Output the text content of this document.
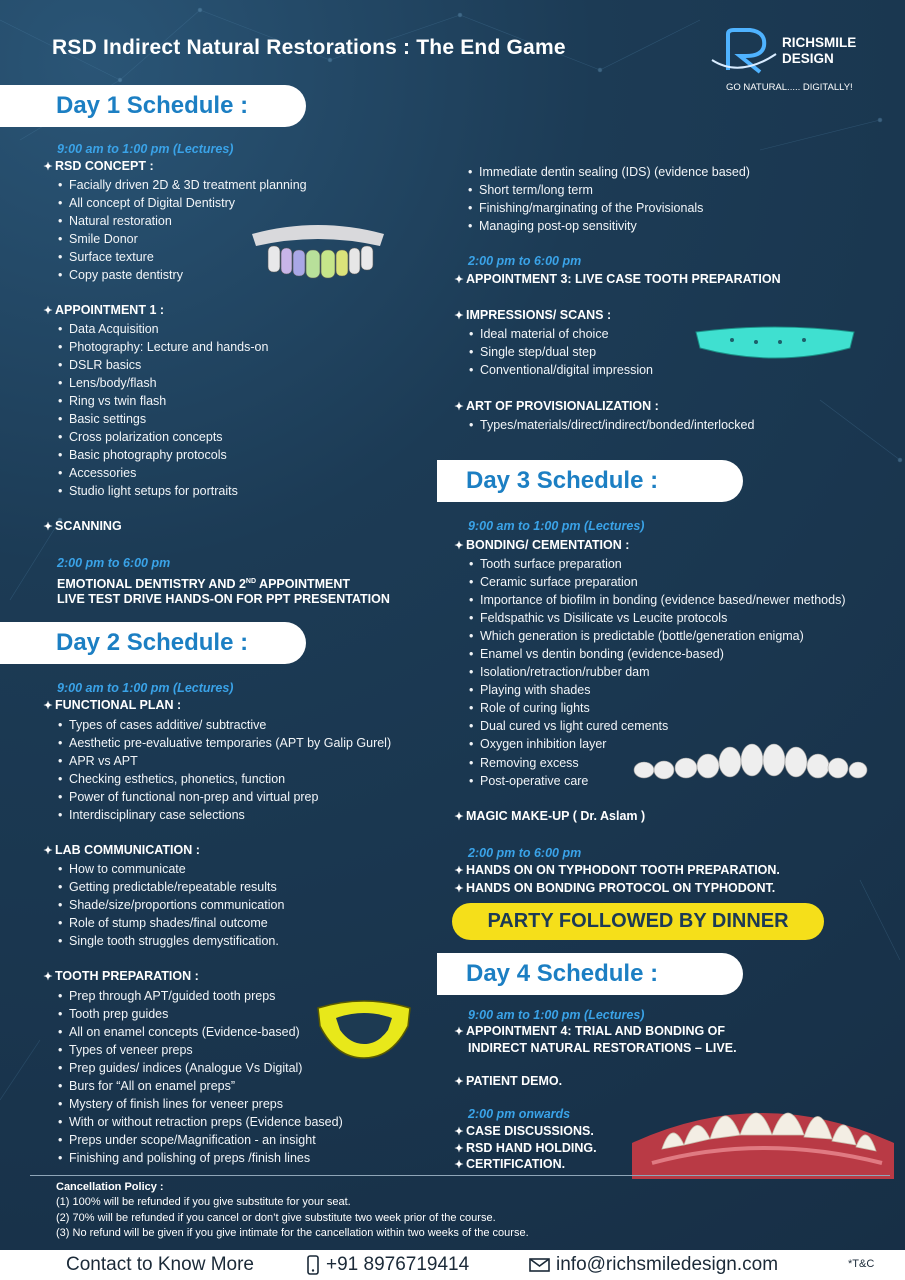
RSD Indirect Natural Restorations : The End Game	RICHSMILE
DESIGN
GO NATURAL..... DIGITALLY!
Day 1 Schedule :
9:00 am to 1:00 pm (Lectures)
✦ RSD CONCEPT :
• Facially driven 2D & 3D treatment planning
• All concept of Digital Dentistry
• Natural restoration
• Smile Donor
• Surface texture
• Copy paste dentistry
✦ APPOINTMENT 1 :
• Data Acquisition
• Photography: Lecture and hands-on
• DSLR basics
• Lens/body/flash
• Ring vs twin flash
• Basic settings
• Cross polarization concepts
• Basic photography protocols
• Accessories
• Studio light setups for portraits
✦ SCANNING
2:00 pm to 6:00 pm
EMOTIONAL DENTISTRY AND 2ND APPOINTMENT
LIVE TEST DRIVE HANDS-ON FOR PPT PRESENTATION
Day 2 Schedule :
9:00 am to 1:00 pm (Lectures)
✦ FUNCTIONAL PLAN :
• Types of cases additive/ subtractive
• Aesthetic pre-evaluative temporaries (APT by Galip Gurel)
• APR vs APT
• Checking esthetics, phonetics, function
• Power of functional non-prep and virtual prep
• Interdisciplinary case selections
✦ LAB COMMUNICATION :
• How to communicate
• Getting predictable/repeatable results
• Shade/size/proportions communication
• Role of stump shades/final outcome
• Single tooth struggles demystification.
✦ TOOTH PREPARATION :
• Prep through APT/guided tooth preps
• Tooth prep guides
• All on enamel concepts (Evidence-based)
• Types of veneer preps
• Prep guides/ indices (Analogue Vs Digital)
• Burs for “All on enamel preps”
• Mystery of finish lines for veneer preps
• With or without retraction preps (Evidence based)
• Preps under scope/Magnification - an insight
• Finishing and polishing of preps /finish lines
• Immediate dentin sealing (IDS) (evidence based)
• Short term/long term
• Finishing/marginating of the Provisionals
• Managing post-op sensitivity
2:00 pm to 6:00 pm
✦ APPOINTMENT 3: LIVE CASE TOOTH PREPARATION
✦ IMPRESSIONS/ SCANS :
• Ideal material of choice
• Single step/dual step
• Conventional/digital impression
✦ ART OF PROVISIONALIZATION :
• Types/materials/direct/indirect/bonded/interlocked
Day 3 Schedule :
9:00 am to 1:00 pm (Lectures)
✦ BONDING/ CEMENTATION :
• Tooth surface preparation
• Ceramic surface preparation
• Importance of biofilm in bonding (evidence based/newer methods)
• Feldspathic vs Disilicate vs Leucite protocols
• Which generation is predictable (bottle/generation enigma)
• Enamel vs dentin bonding (evidence-based)
• Isolation/retraction/rubber dam
• Playing with shades
• Role of curing lights
• Dual cured vs light cured cements
• Oxygen inhibition layer
• Removing excess
• Post-operative care
✦ MAGIC MAKE-UP ( Dr. Aslam )
2:00 pm to 6:00 pm
✦ HANDS ON ON TYPHODONT TOOTH PREPARATION.
✦ HANDS ON BONDING PROTOCOL ON TYPHODONT.
PARTY FOLLOWED BY DINNER
Day 4 Schedule :
9:00 am to 1:00 pm (Lectures)
✦ APPOINTMENT 4: TRIAL AND BONDING OF
INDIRECT NATURAL RESTORATIONS – LIVE.
✦ PATIENT DEMO.
2:00 pm onwards
✦ CASE DISCUSSIONS.
✦ RSD HAND HOLDING.
✦ CERTIFICATION.
Cancellation Policy :
(1) 100% will be refunded if you give substitute for your seat.
(2) 70% will be refunded if you cancel or don’t give substitute two week prior of the course.
(3) No refund will be given if you give intimate for the cancellation within two weeks of the course.
Contact to Know More	+91 8976719414	info@richsmiledesign.com	*T&C
